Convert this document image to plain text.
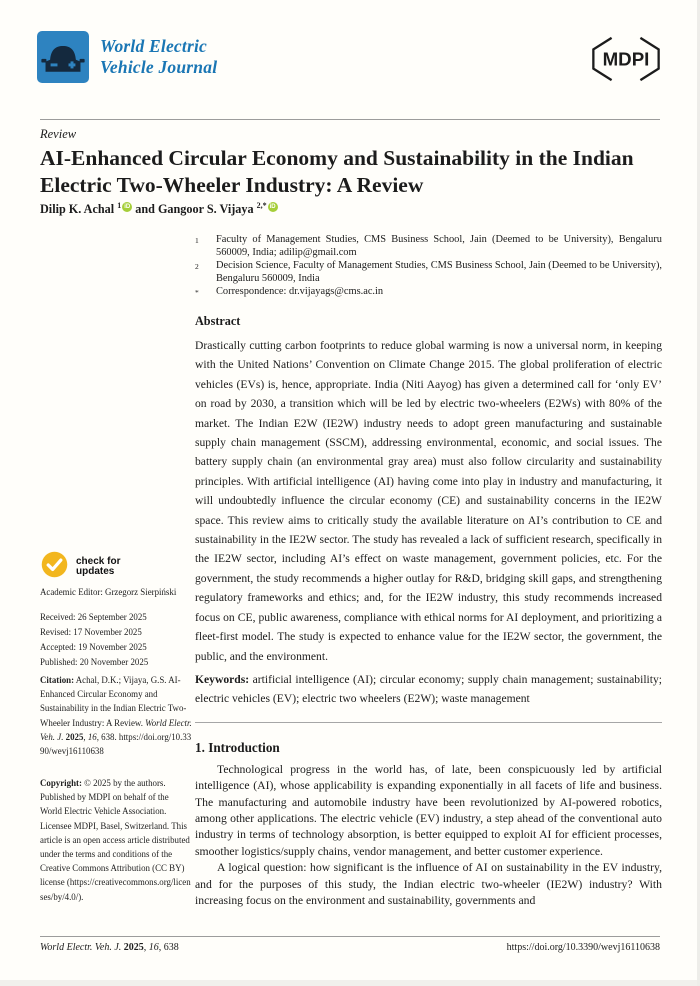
World Electric
Vehicle Journal	MDPI
Review
AI-Enhanced Circular Economy and Sustainability in the Indian Electric Two-Wheeler Industry: A Review
Dilip K. Achal $^1$ iD and Gangoor S. Vijaya $^{2,*}$ iD
1	Faculty of Management Studies, CMS Business School, Jain (Deemed to be University), Bengaluru 560009, India; adilip@gmail.com
2	Decision Science, Faculty of Management Studies, CMS Business School, Jain (Deemed to be University), Bengaluru 560009, India
*	Correspondence: dr.vijayags@cms.ac.in
Abstract
Drastically cutting carbon footprints to reduce global warming is now a universal norm, in keeping with the United Nations’ Convention on Climate Change 2015. The global proliferation of electric vehicles (EVs) is, hence, appropriate. India (Niti Aayog) has given a determined call for ‘only EV’ on road by 2030, a transition which will be led by electric two-wheelers (E2Ws) with 80% of the market. The Indian E2W (IE2W) industry needs to adopt green manufacturing and sustainable supply chain management (SSCM), addressing environmental, economic, and social issues. The battery supply chain (an environmental gray area) must also follow circularity and sustainability principles. With artificial intelligence (AI) having come into play in industry and manufacturing, it will undoubtedly influence the circular economy (CE) and sustainability concerns in the IE2W space. This review aims to critically study the available literature on AI’s contribution to CE and sustainability in the IE2W sector. The study has revealed a lack of sufficient research, specifically in the IE2W sector, including AI’s effect on waste management, government policies, etc. For the government, the study recommends a higher outlay for R&D, bridging skill gaps, and strengthening regulatory frameworks and ethics; and, for the IE2W industry, this study recommends increased focus on CE, public awareness, compliance with ethical norms for AI deployment, and prioritizing a fleet-first model. The study is expected to enhance value for the IE2W sector, the government, the public, and the environment.
Keywords: artificial intelligence (AI); circular economy; supply chain management; sustainability; electric vehicles (EV); electric two wheelers (E2W); waste management
1. Introduction

Technological progress in the world has, of late, been conspicuously led by artificial intelligence (AI), whose applicability is expanding exponentially in all facets of life and business. The manufacturing and automobile industry have been revolutionized by AI-powered robotics, among other applications. The electric vehicle (EV) industry, a step ahead of the conventional auto industry in terms of technology absorption, is better equipped to exploit AI for efficient processes, smoother logistics/supply chains, vendor management, and better customer experience.

A logical question: how significant is the influence of AI on sustainability in the EV industry, and for the purposes of this study, the Indian electric two-wheeler (IE2W) industry? With increasing focus on the environment and sustainability, governments and

check for
updates
Academic Editor: Grzegorz Sierpiński
Received: 26 September 2025
Revised: 17 November 2025
Accepted: 19 November 2025
Published: 20 November 2025

Citation: Achal, D.K.; Vijaya, G.S. AI-Enhanced Circular Economy and Sustainability in the Indian Electric Two-Wheeler Industry: A Review. World Electr. Veh. J. 2025, 16, 638. https://doi.org/10.3390/wevj16110638

Copyright: © 2025 by the authors. Published by MDPI on behalf of the World Electric Vehicle Association. Licensee MDPI, Basel, Switzerland. This article is an open access article distributed under the terms and conditions of the Creative Commons Attribution (CC BY) license (https://creativecommons.org/licenses/by/4.0/).

World Electr. Veh. J. 2025, 16, 638	https://doi.org/10.3390/wevj16110638
